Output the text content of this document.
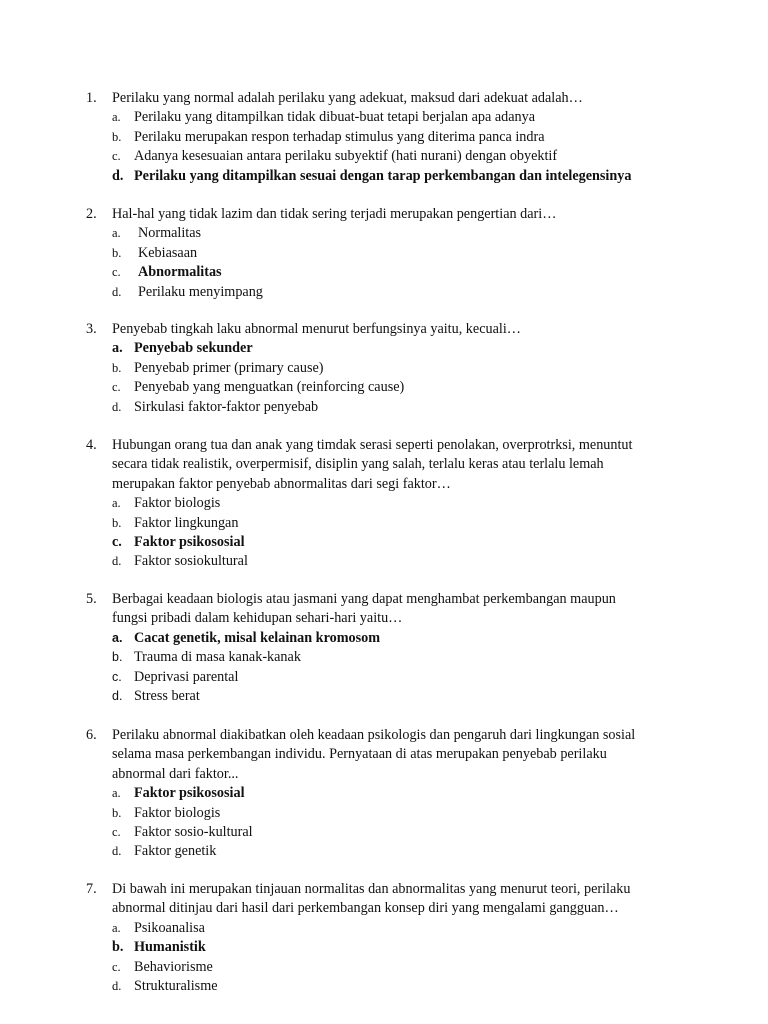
1.	Perilaku yang normal adalah perilaku yang adekuat, maksud dari adekuat adalah…
a. Perilaku yang ditampilkan tidak dibuat-buat tetapi berjalan apa adanya
b. Perilaku merupakan respon terhadap stimulus yang diterima panca indra
c. Adanya kesesuaian antara perilaku subyektif (hati nurani) dengan obyektif
d. Perilaku yang ditampilkan sesuai dengan tarap perkembangan dan intelegensinya
2.	Hal-hal yang tidak lazim dan tidak sering terjadi merupakan pengertian dari…
a. Normalitas
b. Kebiasaan
c. Abnormalitas
d. Perilaku menyimpang
3.	Penyebab tingkah laku abnormal menurut berfungsinya yaitu, kecuali…
a. Penyebab sekunder
b. Penyebab primer (primary cause)
c. Penyebab yang menguatkan (reinforcing cause)
d. Sirkulasi faktor-faktor penyebab
4.	Hubungan orang tua dan anak yang timdak serasi seperti penolakan, overprotrksi, menuntut
secara tidak realistik, overpermisif, disiplin yang salah, terlalu keras atau terlalu lemah
merupakan faktor penyebab abnormalitas dari segi faktor…
a. Faktor biologis
b. Faktor lingkungan
c. Faktor psikososial
d. Faktor sosiokultural
5.	Berbagai keadaan biologis atau jasmani yang dapat menghambat perkembangan maupun
fungsi pribadi dalam kehidupan sehari-hari yaitu…
a. Cacat genetik, misal kelainan kromosom
b. Trauma di masa kanak-kanak
c. Deprivasi parental
d. Stress berat
6.	Perilaku abnormal diakibatkan oleh keadaan psikologis dan pengaruh dari lingkungan sosial
selama masa perkembangan individu. Pernyataan di atas merupakan penyebab perilaku
abnormal dari faktor...
a. Faktor psikososial
b. Faktor biologis
c. Faktor sosio-kultural
d. Faktor genetik
7.	Di bawah ini merupakan tinjauan normalitas dan abnormalitas yang menurut teori, perilaku
abnormal ditinjau dari hasil dari perkembangan konsep diri yang mengalami gangguan…
a. Psikoanalisa
b. Humanistik
c. Behaviorisme
d. Strukturalisme
